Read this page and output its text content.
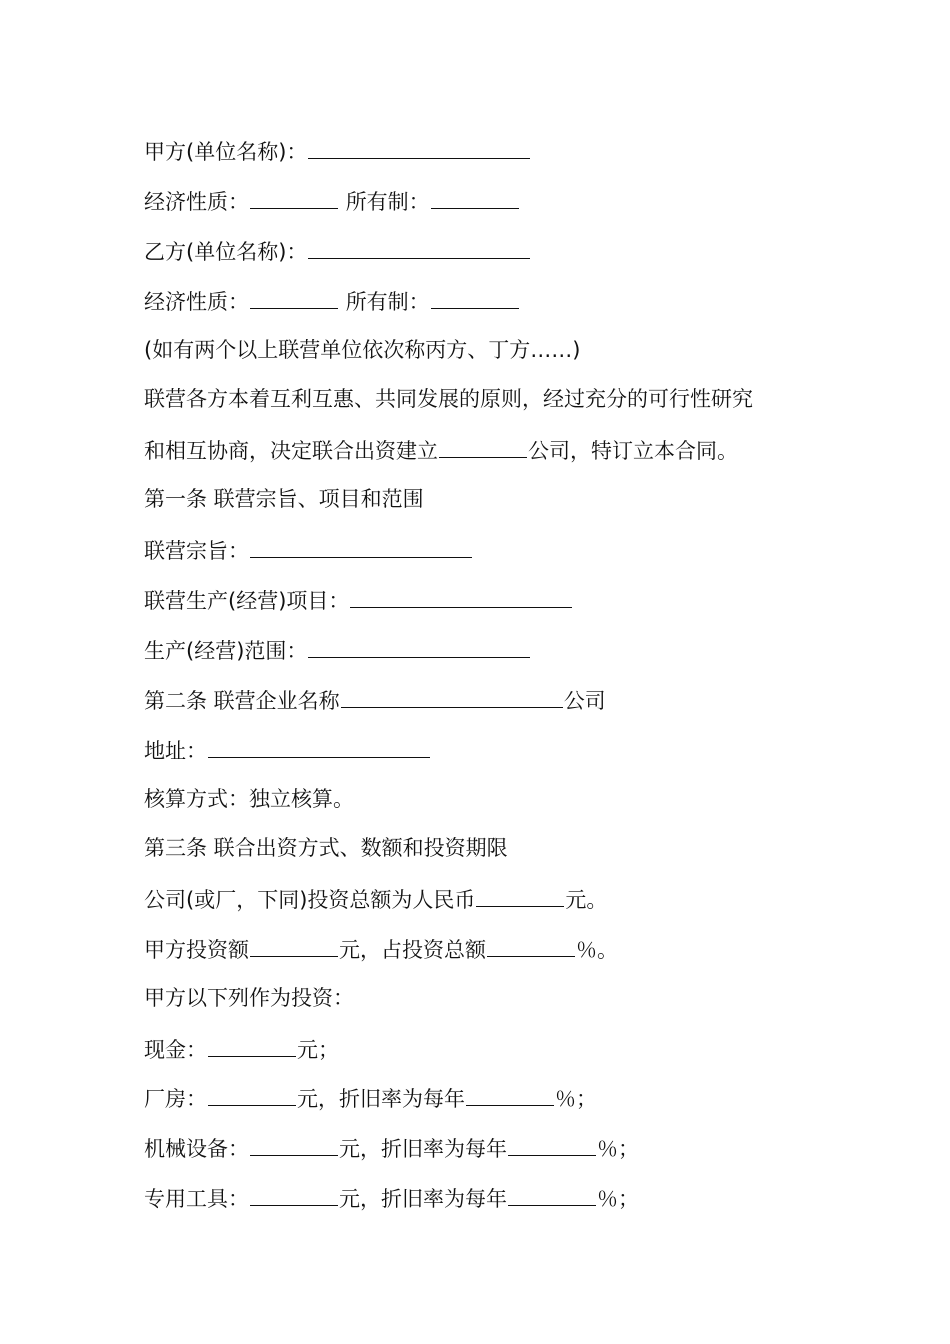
甲方(单位名称)：
经济性质：	所有制：
乙方(单位名称)：
经济性质：	所有制：
(如有两个以上联营单位依次称丙方、丁方……)
联营各方本着互利互惠、共同发展的原则，经过充分的可行性研究
和相互协商，决定联合出资建立	公司，特订立本合同。
第一条 联营宗旨、项目和范围
联营宗旨：
联营生产(经营)项目：
生产(经营)范围：
第二条 联营企业名称	公司
地址：
核算方式：独立核算。
第三条 联合出资方式、数额和投资期限
公司(或厂，下同)投资总额为人民币	元。
甲方投资额	元，占投资总额	％。
甲方以下列作为投资：
现金：	元；
厂房：	元，折旧率为每年	％；
机械设备：	元，折旧率为每年	％；
专用工具：	元，折旧率为每年	％；
